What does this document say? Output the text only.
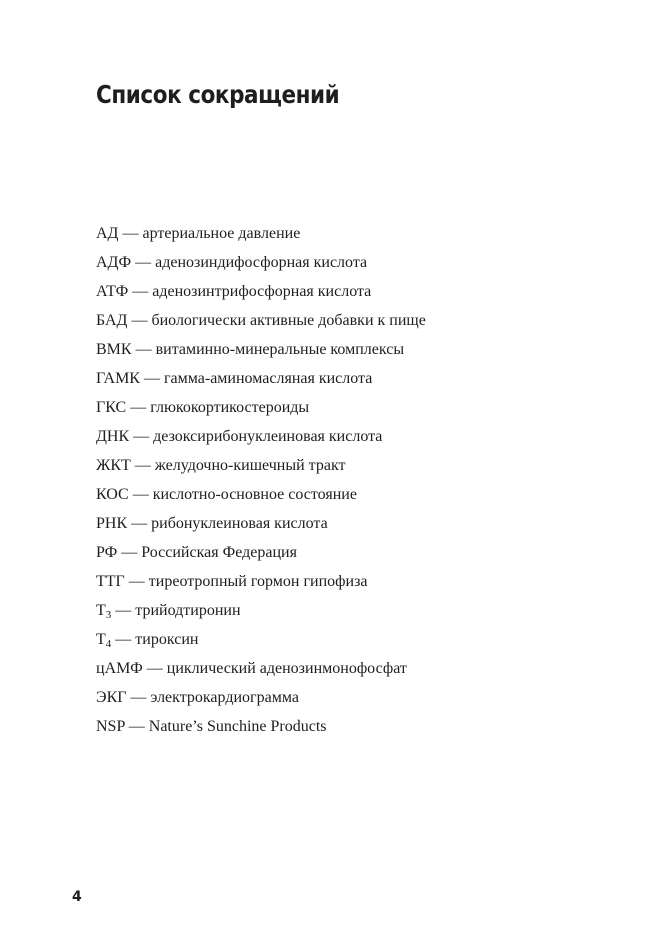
Список сокращений
АД — артериальное давление
АДФ — аденозиндифосфорная кислота
АТФ — аденозинтрифосфорная кислота
БАД — биологически активные добавки к пище
ВМК — витаминно-минеральные комплексы
ГАМК — гамма-аминомасляная кислота
ГКС — глюкокортикостероиды
ДНК — дезоксирибонуклеиновая кислота
ЖКТ — желудочно-кишечный тракт
КОС — кислотно-основное состояние
РНК — рибонуклеиновая кислота
РФ — Российская Федерация
ТТГ — тиреотропный гормон гипофиза
$Т_3$ — трийодтиронин
$Т_4$ — тироксин
цАМФ — циклический аденозинмонофосфат
ЭКГ — электрокардиограмма
NSP — Nature’s Sunchine Products
4
